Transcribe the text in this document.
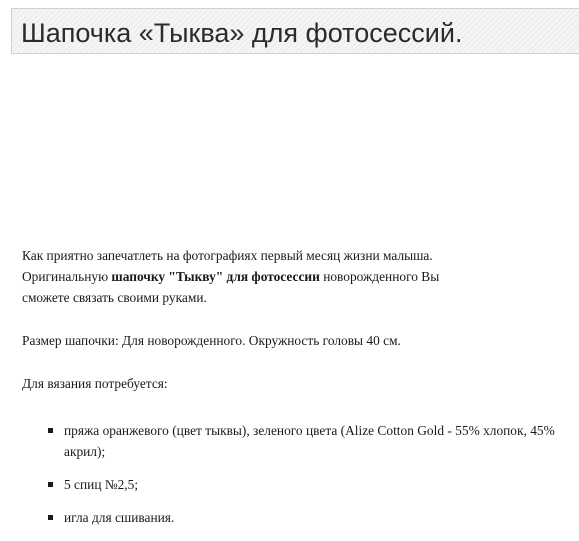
Шапочка «Тыква» для фотосессий.

Как приятно запечатлеть на фотографиях первый месяц жизни малыша.
Оригинальную шапочку "Тыкву" для фотосессии новорожденного Вы сможете связать своими руками.

Размер шапочки: Для новорожденного. Окружность головы 40 см.

Для вязания потребуется:

пряжа оранжевого (цвет тыквы), зеленого цвета (Alize Cotton Gold - 55% хлопок, 45% акрил);
5 спиц №2,5;
игла для сшивания.
